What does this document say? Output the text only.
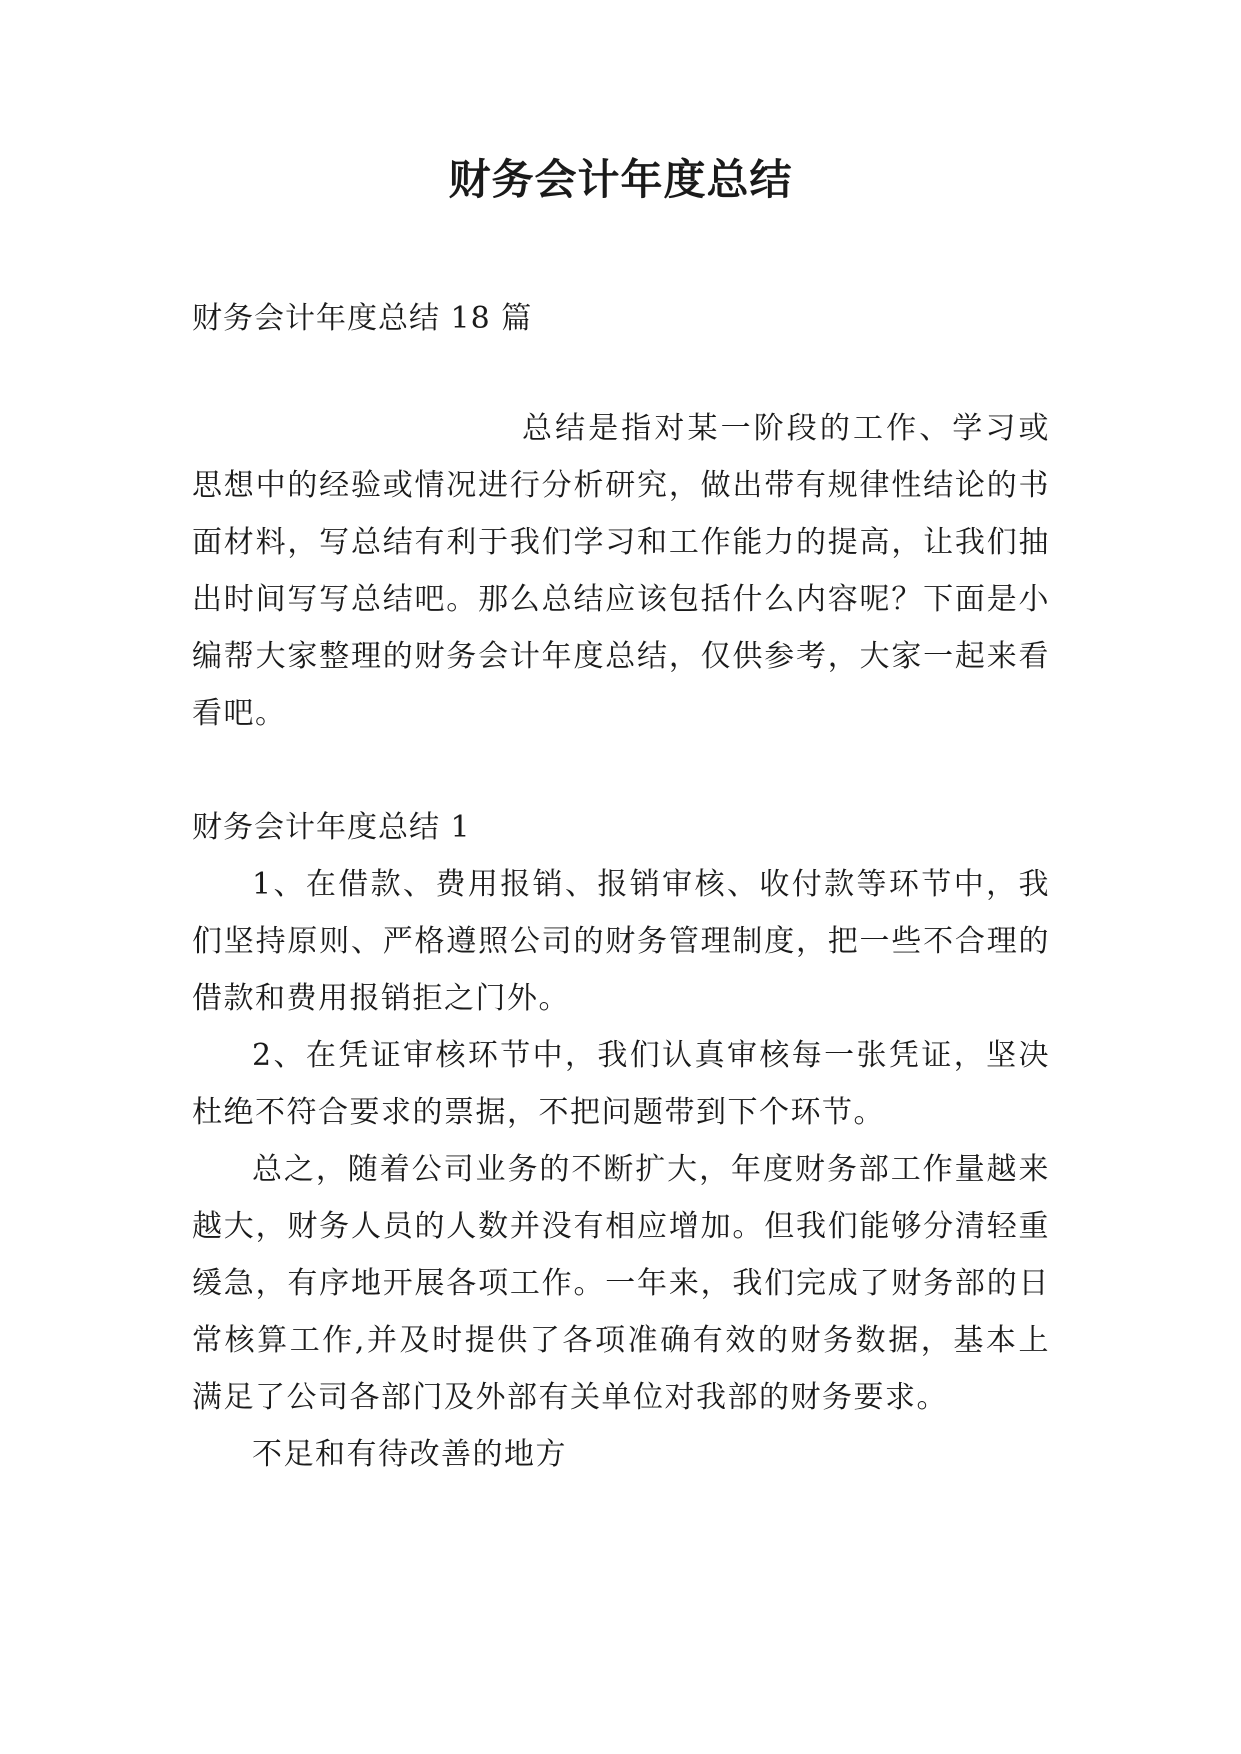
财务会计年度总结

财务会计年度总结 18 篇

总结是指对某一阶段的工作、学习或思想中的经验或情况进行分析研究，做出带有规律性结论的书面材料，写总结有利于我们学习和工作能力的提高，让我们抽出时间写写总结吧。那么总结应该包括什么内容呢？下面是小编帮大家整理的财务会计年度总结，仅供参考，大家一起来看看吧。

财务会计年度总结 1

1、在借款、费用报销、报销审核、收付款等环节中，我们坚持原则、严格遵照公司的财务管理制度，把一些不合理的借款和费用报销拒之门外。

2、在凭证审核环节中，我们认真审核每一张凭证，坚决杜绝不符合要求的票据，不把问题带到下个环节。

总之，随着公司业务的不断扩大，年度财务部工作量越来越大，财务人员的人数并没有相应增加。但我们能够分清轻重缓急，有序地开展各项工作。一年来，我们完成了财务部的日常核算工作,并及时提供了各项准确有效的财务数据，基本上满足了公司各部门及外部有关单位对我部的财务要求。

不足和有待改善的地方
